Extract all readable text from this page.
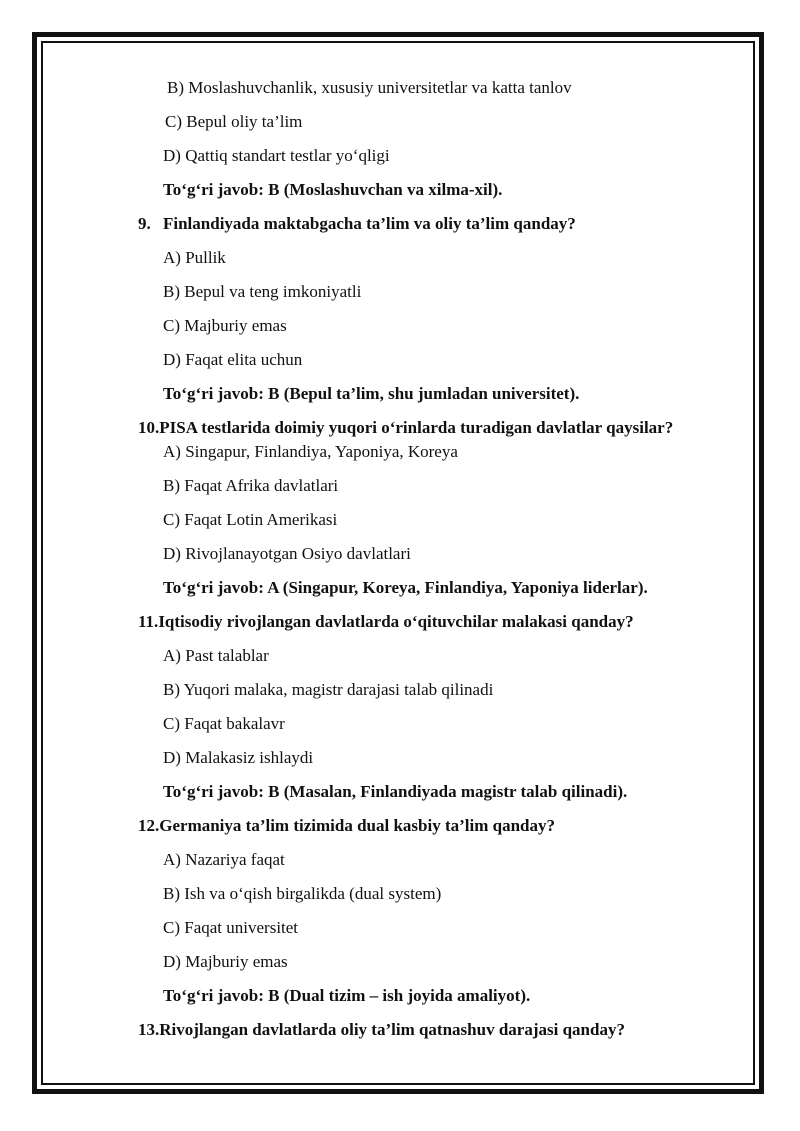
B) Moslashuvchanlik, xususiy universitetlar va katta tanlov
C) Bepul oliy ta’lim
D) Qattiq standart testlar yo‘qligi
To‘g‘ri javob: B (Moslashuvchan va xilma-xil).
9. Finlandiyada maktabgacha ta’lim va oliy ta’lim qanday?
A) Pullik
B) Bepul va teng imkoniyatli
C) Majburiy emas
D) Faqat elita uchun
To‘g‘ri javob: B (Bepul ta’lim, shu jumladan universitet).
10.PISA testlarida doimiy yuqori o‘rinlarda turadigan davlatlar qaysilar?
A) Singapur, Finlandiya, Yaponiya, Koreya
B) Faqat Afrika davlatlari
C) Faqat Lotin Amerikasi
D) Rivojlanayotgan Osiyo davlatlari
To‘g‘ri javob: A (Singapur, Koreya, Finlandiya, Yaponiya liderlar).
11.Iqtisodiy rivojlangan davlatlarda o‘qituvchilar malakasi qanday?
A) Past talablar
B) Yuqori malaka, magistr darajasi talab qilinadi
C) Faqat bakalavr
D) Malakasiz ishlaydi
To‘g‘ri javob: B (Masalan, Finlandiyada magistr talab qilinadi).
12.Germaniya ta’lim tizimida dual kasbiy ta’lim qanday?
A) Nazariya faqat
B) Ish va o‘qish birgalikda (dual system)
C) Faqat universitet
D) Majburiy emas
To‘g‘ri javob: B (Dual tizim – ish joyida amaliyot).
13.Rivojlangan davlatlarda oliy ta’lim qatnashuv darajasi qanday?
